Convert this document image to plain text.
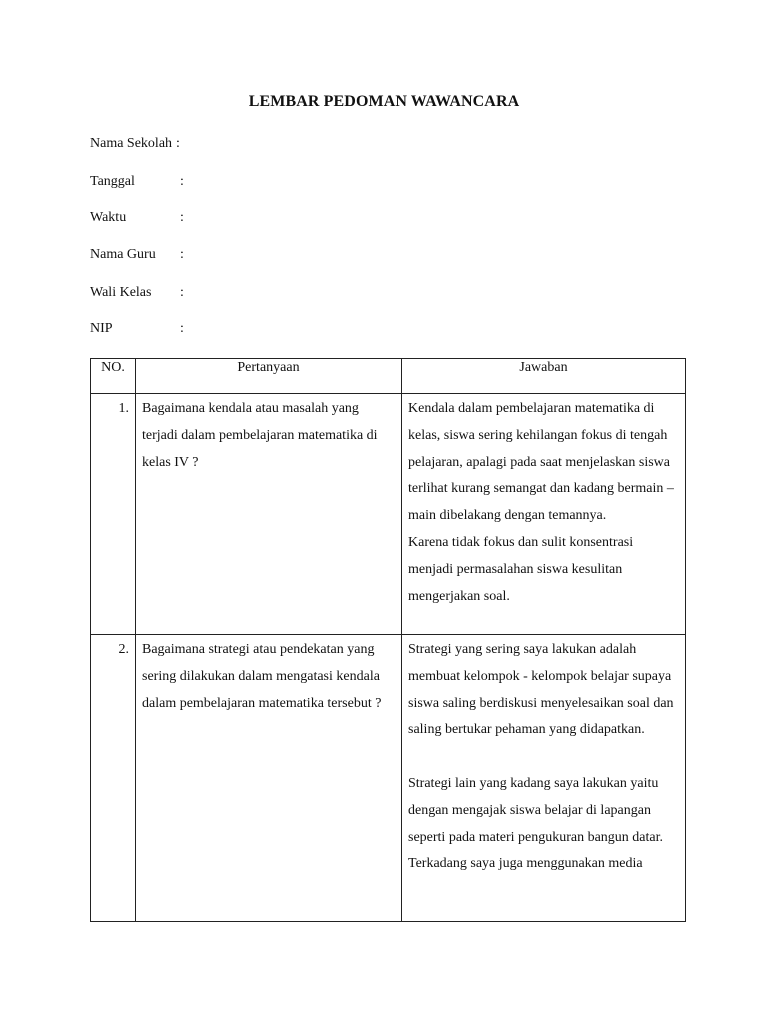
LEMBAR PEDOMAN WAWANCARA
Nama Sekolah :
Tanggal	:
Waktu	:
Nama Guru :
Wali Kelas :
NIP	:
NO.	Pertanyaan	Jawaban
1.	Bagaimana kendala atau masalah yang terjadi dalam pembelajaran matematika di kelas IV ?	Kendala dalam pembelajaran matematika di kelas, siswa sering kehilangan fokus di tengah pelajaran, apalagi pada saat menjelaskan siswa terlihat kurang semangat dan kadang bermain – main dibelakang dengan temannya.
Karena tidak fokus dan sulit konsentrasi menjadi permasalahan siswa kesulitan mengerjakan soal.

2.	Bagaimana strategi atau pendekatan yang sering dilakukan dalam mengatasi kendala dalam pembelajaran matematika tersebut ?	Strategi yang sering saya lakukan adalah membuat kelompok - kelompok belajar supaya siswa saling berdiskusi menyelesaikan soal dan saling bertukar pehaman yang didapatkan.
Strategi lain yang kadang saya lakukan yaitu dengan mengajak siswa belajar di lapangan seperti pada materi pengukuran bangun datar.
Terkadang saya juga menggunakan media
